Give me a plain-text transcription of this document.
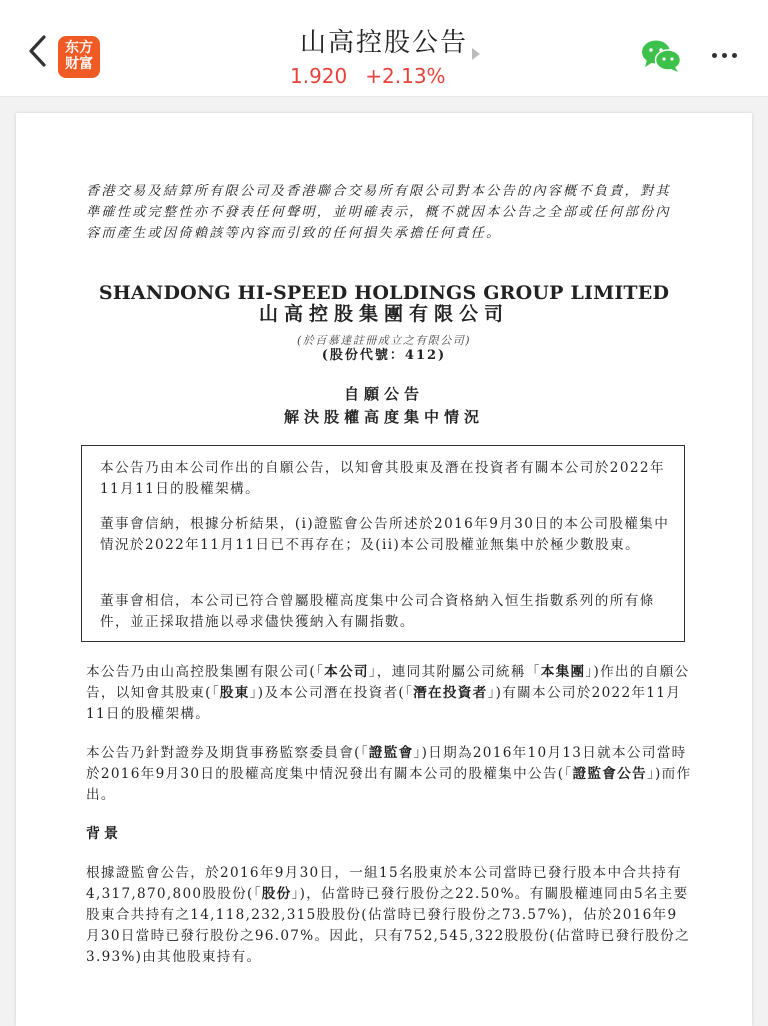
东方
财富
山高控股公告
1.920 +2.13%
香港交易及結算所有限公司及香港聯合交易所有限公司對本公告的內容概不負責，對其準確性或完整性亦不發表任何聲明，並明確表示，概不就因本公告之全部或任何部份內容而產生或因倚賴該等內容而引致的任何損失承擔任何責任。
SHANDONG HI-SPEED HOLDINGS GROUP LIMITED
山高控股集團有限公司
(於百慕達註冊成立之有限公司)
(股份代號：412)
自願公告
解決股權高度集中情況
本公告乃由本公司作出的自願公告，以知會其股東及潛在投資者有關本公司於2022年11月11日的股權架構。
董事會信納，根據分析結果，(i)證監會公告所述於2016年9月30日的本公司股權集中情況於2022年11月11日已不再存在；及(ii)本公司股權並無集中於極少數股東。
董事會相信，本公司已符合曾屬股權高度集中公司合資格納入恒生指數系列的所有條件，並正採取措施以尋求儘快獲納入有關指數。
本公告乃由山高控股集團有限公司(「本公司」，連同其附屬公司統稱「本集團」)作出的自願公告，以知會其股東(「股東」)及本公司潛在投資者(「潛在投資者」)有關本公司於2022年11月11日的股權架構。
本公告乃針對證券及期貨事務監察委員會(「證監會」)日期為2016年10月13日就本公司當時於2016年9月30日的股權高度集中情況發出有關本公司的股權集中公告(「證監會公告」)而作出。
背景
根據證監會公告，於2016年9月30日，一組15名股東於本公司當時已發行股本中合共持有4,317,870,800股股份(「股份」)，佔當時已發行股份之22.50%。有關股權連同由5名主要股東合共持有之14,118,232,315股股份(佔當時已發行股份之73.57%)，佔於2016年9月30日當時已發行股份之96.07%。因此，只有752,545,322股股份(佔當時已發行股份之3.93%)由其他股東持有。
